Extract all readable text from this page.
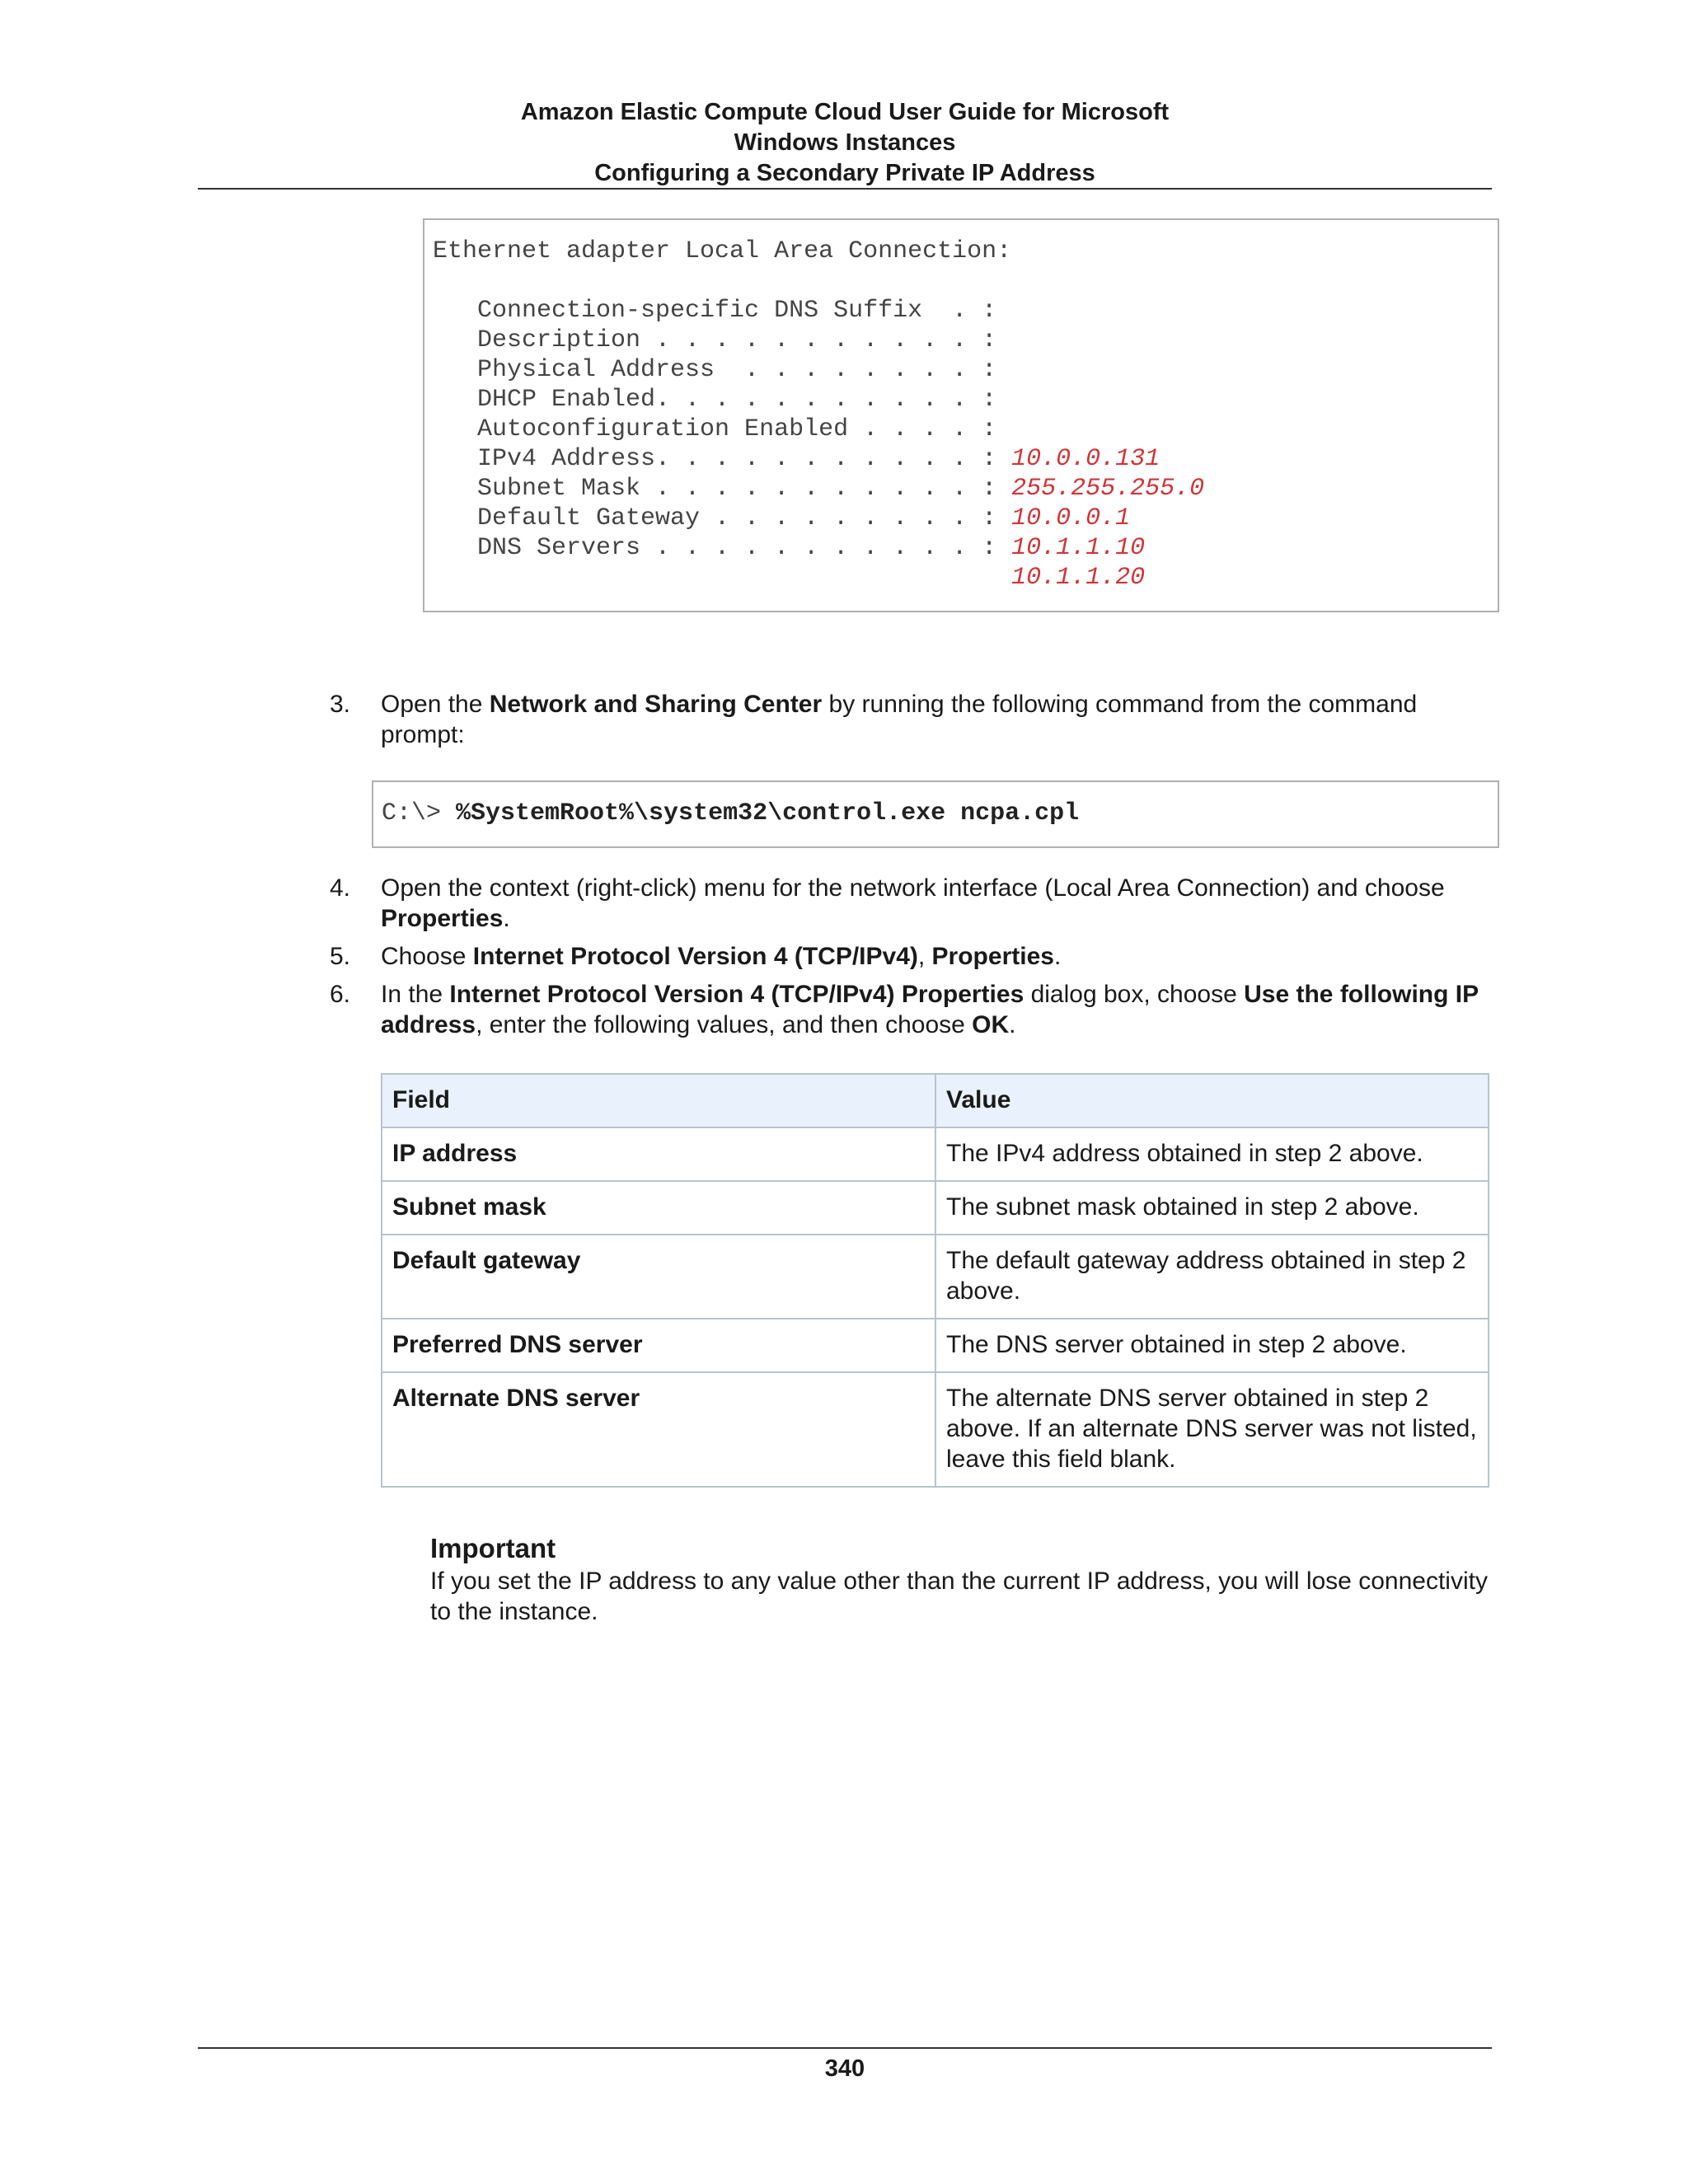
Amazon Elastic Compute Cloud User Guide for Microsoft
Windows Instances
Configuring a Secondary Private IP Address
Ethernet adapter Local Area Connection:
Connection-specific DNS Suffix  . :
Description . . . . . . . . . . . :
Physical Address  . . . . . . . . :
DHCP Enabled. . . . . . . . . . . :
Autoconfiguration Enabled . . . . :
IPv4 Address. . . . . . . . . . . : 10.0.0.131
Subnet Mask . . . . . . . . . . . : 255.255.255.0
Default Gateway . . . . . . . . . : 10.0.0.1
DNS Servers . . . . . . . . . . . : 10.1.1.10
10.1.1.20
3.	Open the Network and Sharing Center by running the following command from the command prompt:
C:\> %SystemRoot%\system32\control.exe ncpa.cpl
4.	Open the context (right-click) menu for the network interface (Local Area Connection) and choose Properties.
5.	Choose Internet Protocol Version 4 (TCP/IPv4), Properties.
6.	In the Internet Protocol Version 4 (TCP/IPv4) Properties dialog box, choose Use the following IP address, enter the following values, and then choose OK.
Field	Value
IP address	The IPv4 address obtained in step 2 above.
Subnet mask	The subnet mask obtained in step 2 above.
Default gateway	The default gateway address obtained in step 2 above.
Preferred DNS server	The DNS server obtained in step 2 above.
Alternate DNS server	The alternate DNS server obtained in step 2 above. If an alternate DNS server was not listed, leave this field blank.
Important
If you set the IP address to any value other than the current IP address, you will lose connectivity to the instance.
340
